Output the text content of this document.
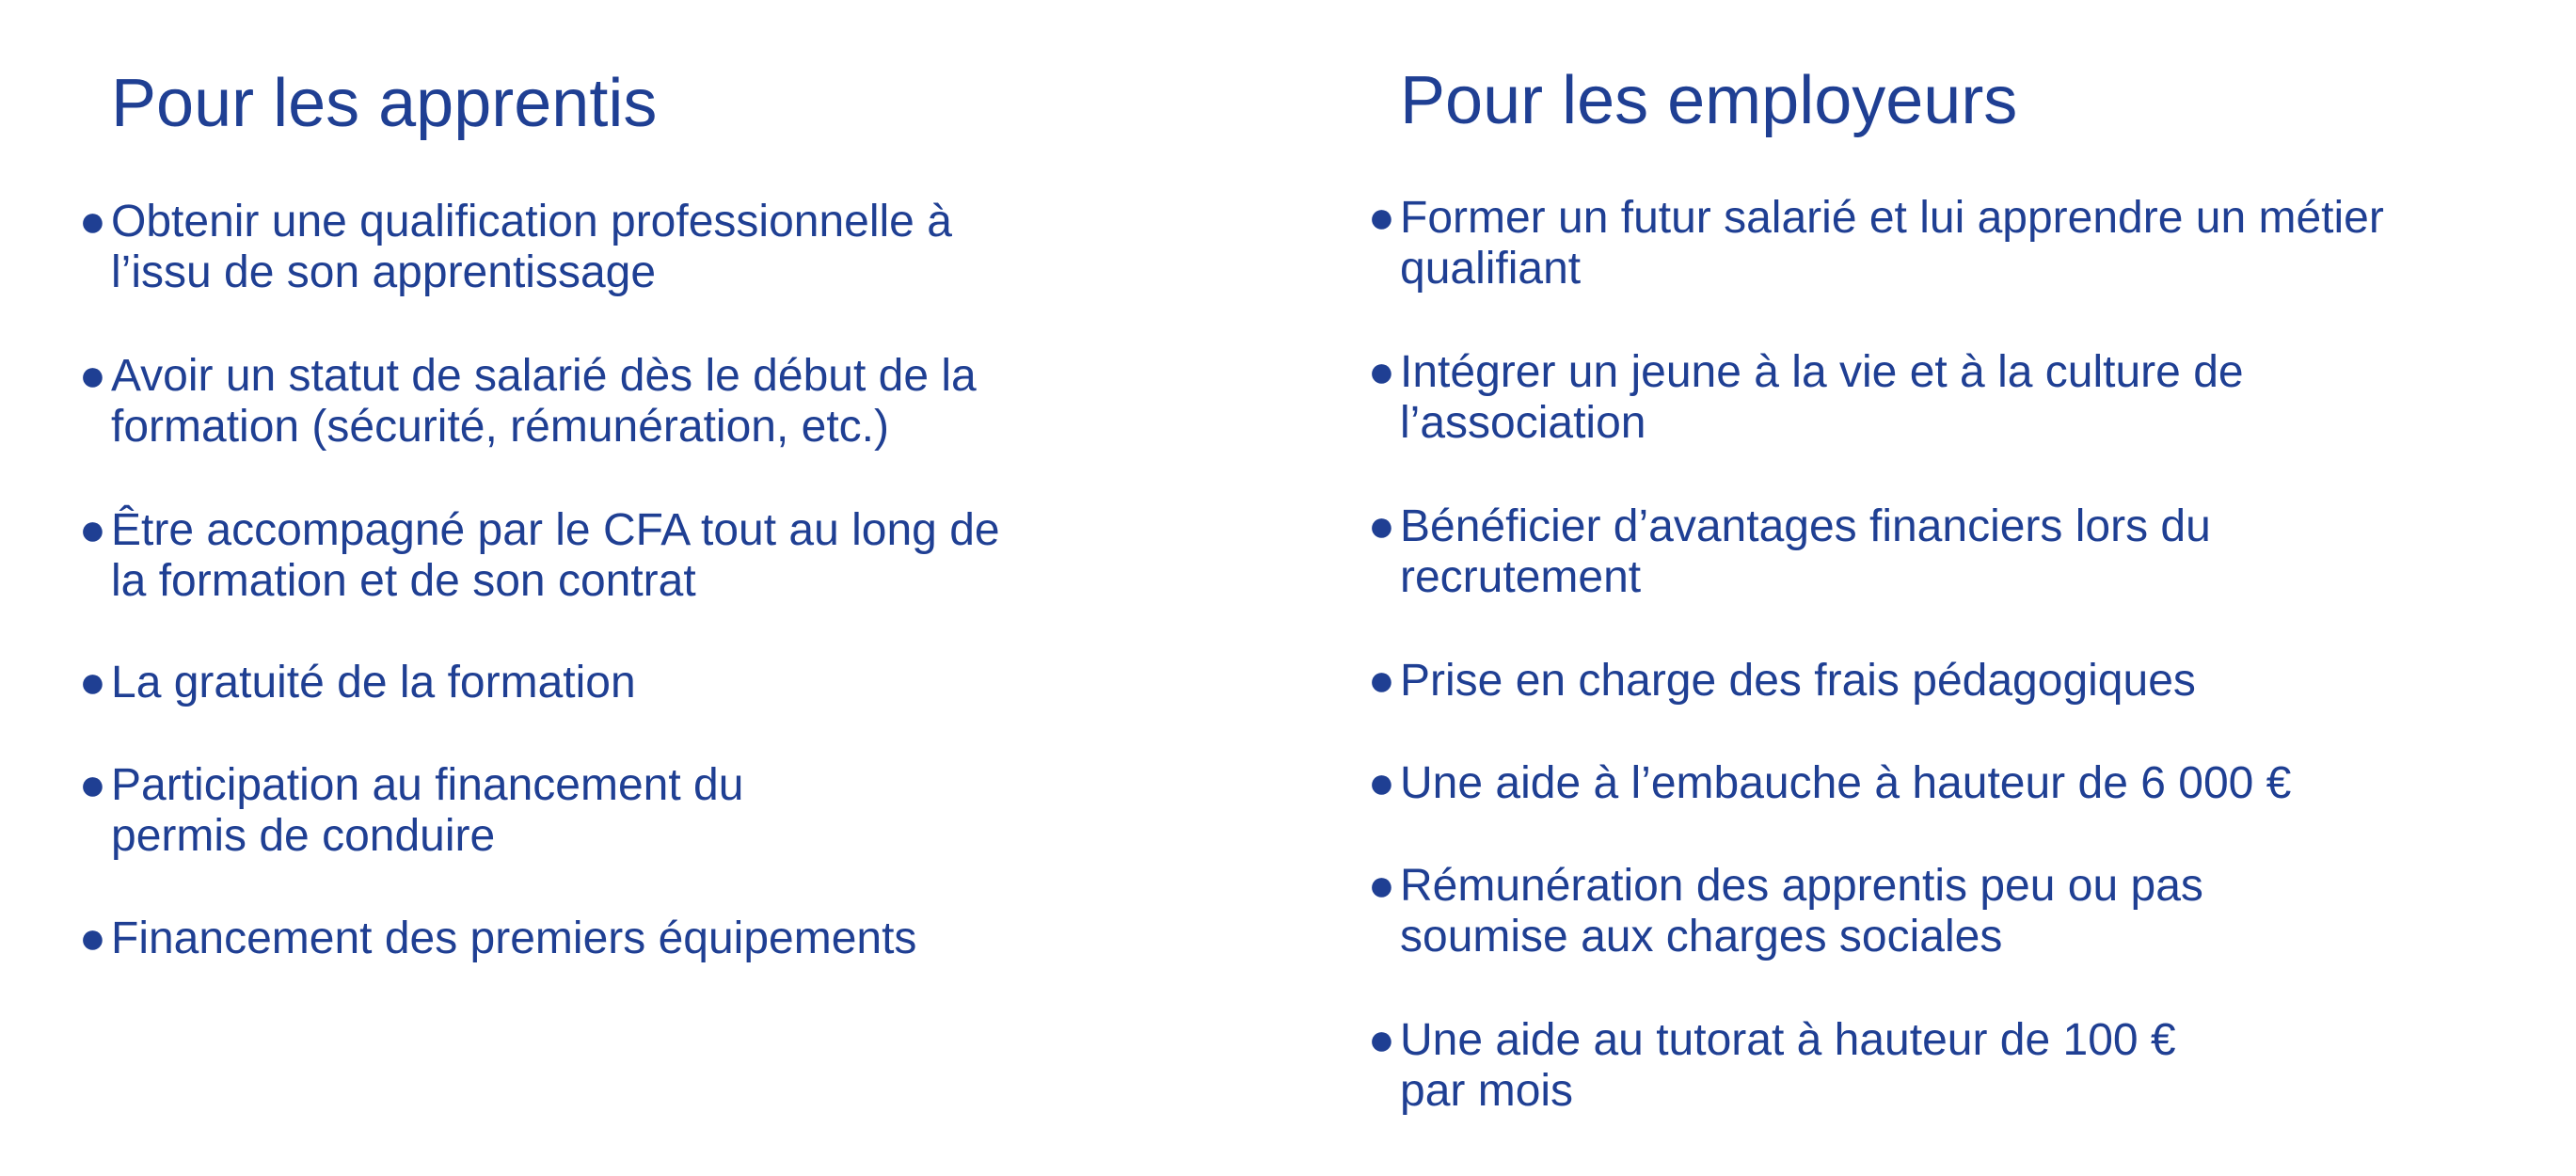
Pour les apprentis
● Obtenir une qualification professionnelle à
l’issu de son apprentissage
● Avoir un statut de salarié dès le début de la
formation (sécurité, rémunération, etc.)
● Être accompagné par le CFA tout au long de
la formation et de son contrat
● La gratuité de la formation
● Participation au financement du
permis de conduire
● Financement des premiers équipements
Pour les employeurs
● Former un futur salarié et lui apprendre un métier
qualifiant
● Intégrer un jeune à la vie et à la culture de
l’association
● Bénéficier d’avantages financiers lors du
recrutement
● Prise en charge des frais pédagogiques
● Une aide à l’embauche à hauteur de 6 000 €
● Rémunération des apprentis peu ou pas
soumise aux charges sociales
● Une aide au tutorat à hauteur de 100 €
par mois
